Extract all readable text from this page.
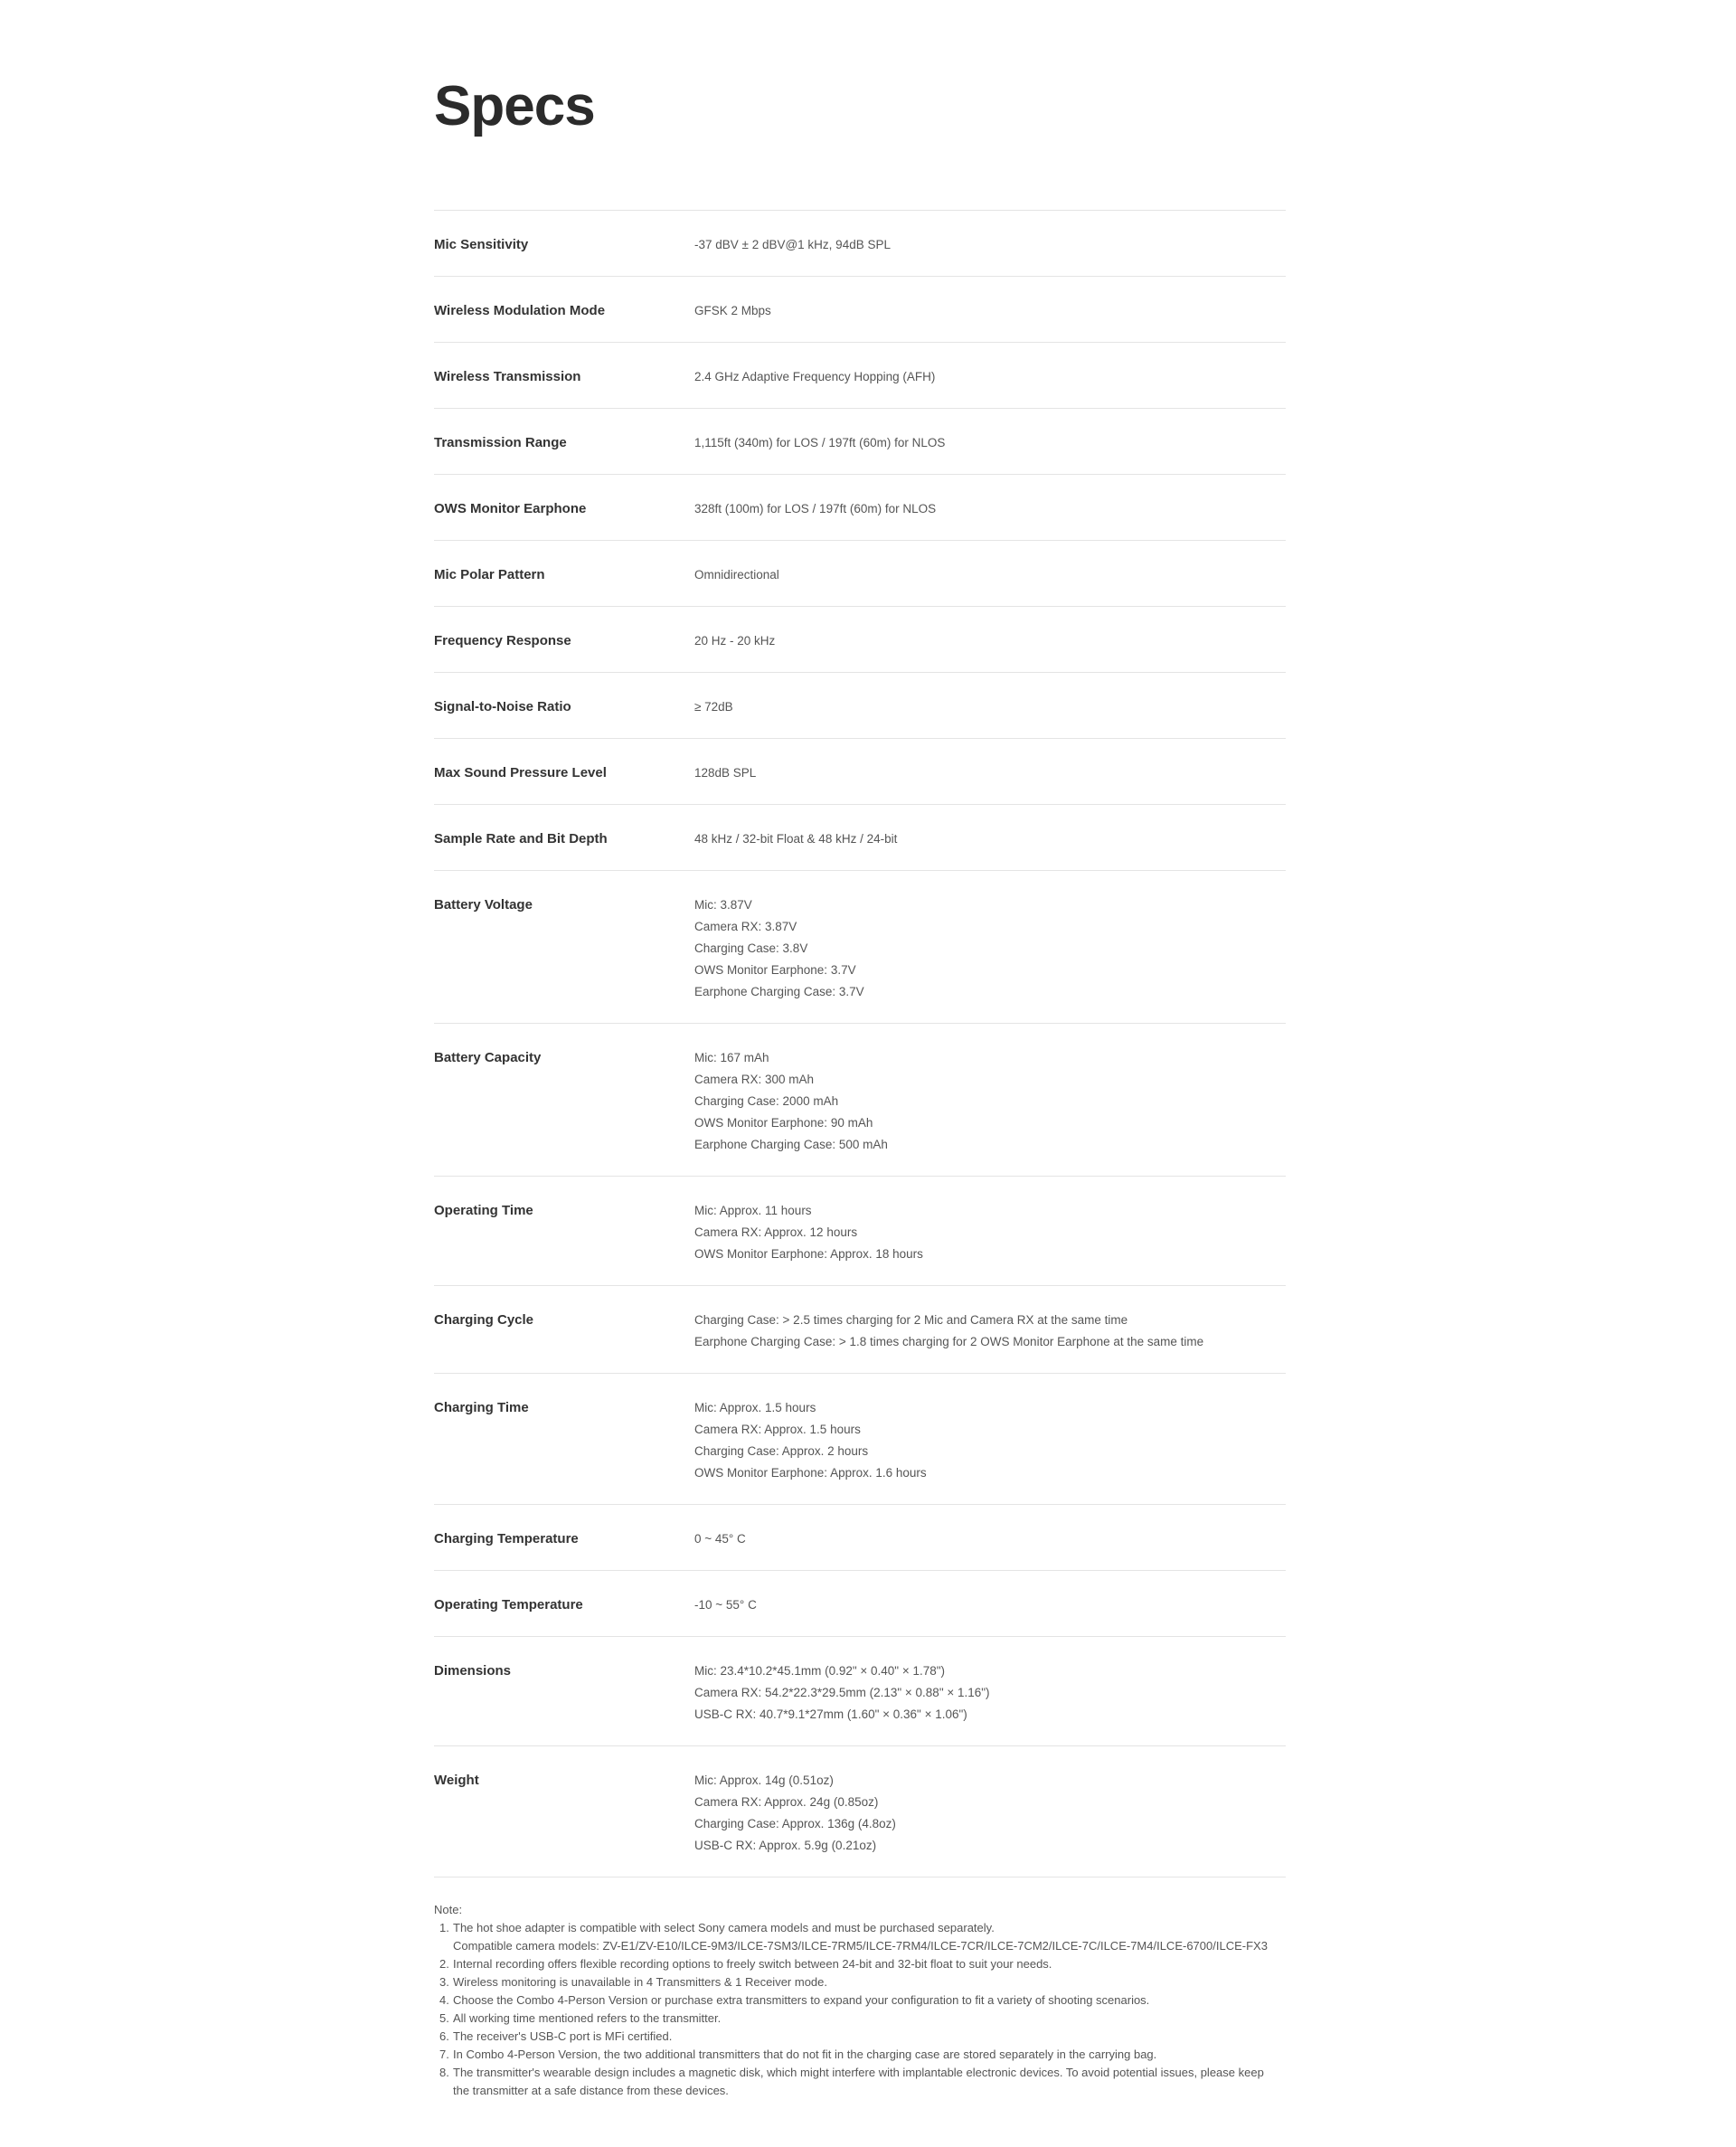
Specs
Mic Sensitivity	-37 dBV ± 2 dBV@1 kHz, 94dB SPL
Wireless Modulation Mode	GFSK 2 Mbps
Wireless Transmission	2.4 GHz Adaptive Frequency Hopping (AFH)
Transmission Range	1,115ft (340m) for LOS / 197ft (60m) for NLOS
OWS Monitor Earphone	328ft (100m) for LOS / 197ft (60m) for NLOS
Mic Polar Pattern	Omnidirectional
Frequency Response	20 Hz - 20 kHz
Signal-to-Noise Ratio	≥ 72dB
Max Sound Pressure Level	128dB SPL
Sample Rate and Bit Depth	48 kHz / 32-bit Float & 48 kHz / 24-bit
Battery Voltage	Mic: 3.87V
Camera RX: 3.87V
Charging Case: 3.8V
OWS Monitor Earphone: 3.7V
Earphone Charging Case: 3.7V
Battery Capacity	Mic: 167 mAh
Camera RX: 300 mAh
Charging Case: 2000 mAh
OWS Monitor Earphone: 90 mAh
Earphone Charging Case: 500 mAh
Operating Time	Mic: Approx. 11 hours
Camera RX: Approx. 12 hours
OWS Monitor Earphone: Approx. 18 hours
Charging Cycle	Charging Case: > 2.5 times charging for 2 Mic and Camera RX at the same time
Earphone Charging Case: > 1.8 times charging for 2 OWS Monitor Earphone at the same time
Charging Time	Mic: Approx. 1.5 hours
Camera RX: Approx. 1.5 hours
Charging Case: Approx. 2 hours
OWS Monitor Earphone: Approx. 1.6 hours
Charging Temperature	0 ~ 45° C
Operating Temperature	-10 ~ 55° C
Dimensions	Mic: 23.4*10.2*45.1mm (0.92" × 0.40" × 1.78")
Camera RX: 54.2*22.3*29.5mm (2.13" × 0.88" × 1.16")
USB-C RX: 40.7*9.1*27mm (1.60" × 0.36" × 1.06")
Weight	Mic: Approx. 14g (0.51oz)
Camera RX: Approx. 24g (0.85oz)
Charging Case: Approx. 136g (4.8oz)
USB-C RX: Approx. 5.9g (0.21oz)
Note:
1. The hot shoe adapter is compatible with select Sony camera models and must be purchased separately.
Compatible camera models: ZV-E1/ZV-E10/ILCE-9M3/ILCE-7SM3/ILCE-7RM5/ILCE-7RM4/ILCE-7CR/ILCE-7CM2/ILCE-7C/ILCE-7M4/ILCE-6700/ILCE-FX3
2. Internal recording offers flexible recording options to freely switch between 24-bit and 32-bit float to suit your needs.
3. Wireless monitoring is unavailable in 4 Transmitters & 1 Receiver mode.
4. Choose the Combo 4-Person Version or purchase extra transmitters to expand your configuration to fit a variety of shooting scenarios.
5. All working time mentioned refers to the transmitter.
6. The receiver's USB-C port is MFi certified.
7. In Combo 4-Person Version, the two additional transmitters that do not fit in the charging case are stored separately in the carrying bag.
8. The transmitter's wearable design includes a magnetic disk, which might interfere with implantable electronic devices. To avoid potential issues, please keep
the transmitter at a safe distance from these devices.
